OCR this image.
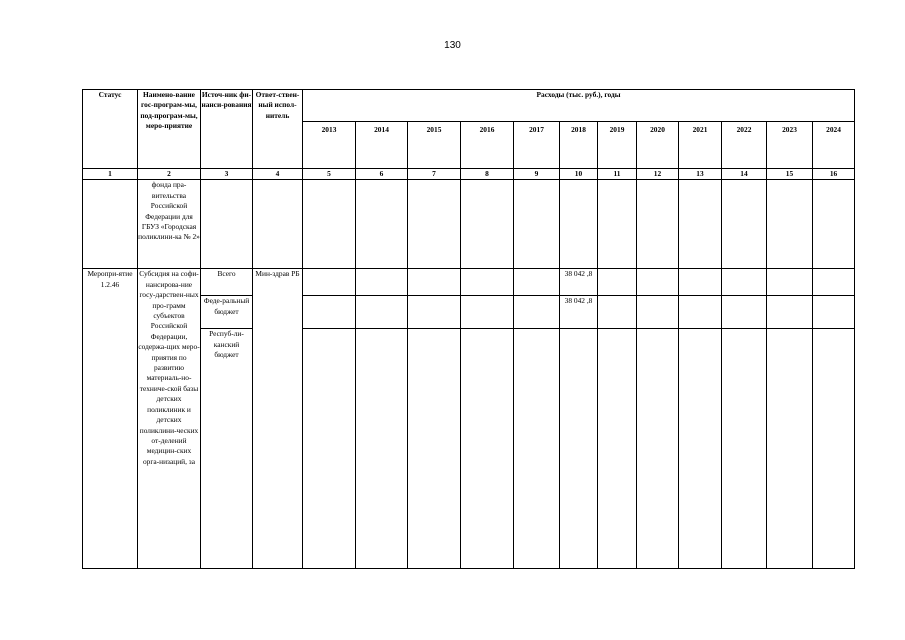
130
Статус	Наимено-вание гос-програм-мы, под-програм-мы, меро-приятие	Источ-ник фи-нанси-рования	Ответ-ствен-ный испол-нитель	Расходы (тыс. руб.), годы											
				2013	2014	2015	2016	2017	2018	2019	2020	2021	2022	2023	2024
1	2	3	4	5	6	7	8	9	10	11	12	13	14	15	16
	фонда пра-вительства Российской Федерации для ГБУЗ «Городская поликлини-ка № 2»														
Меропри-ятие 1.2.46	Субсидия на софи-нансирова-ние госу-дарствен-ных про-грамм субъектов Российской Федерации, содержа-щих меро-приятия по развитию материаль-но-техниче-ской базы детских поликлиник и детских поликлини-ческих от-делений медицин-ских орга-низаций, за	Всего	Мин-здрав РБ						38 042 ,8						
		Феде-ральный бюджет							38 042 ,8						
		Респуб-ли-канский бюджет													
